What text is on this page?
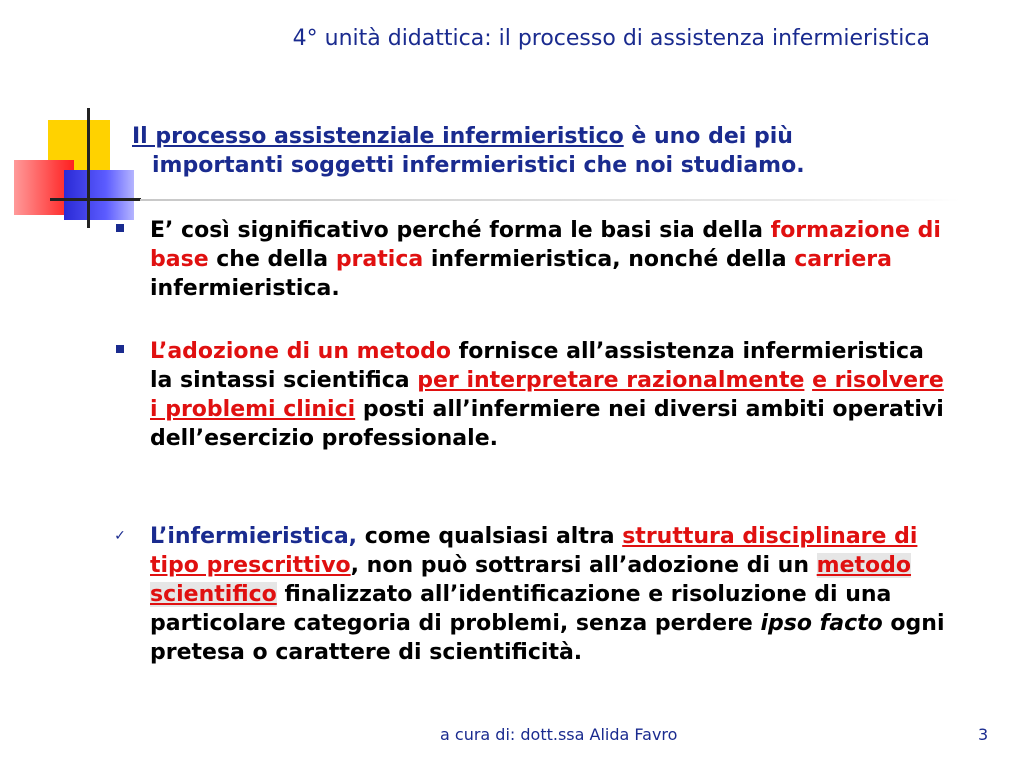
4° unità didattica: il processo di assistenza infermieristica
Il processo assistenziale infermieristico è uno dei più
importanti soggetti infermieristici che noi studiamo.
E’ così significativo perché forma le basi sia della formazione di base che della pratica infermieristica, nonché della carriera infermieristica.
L’adozione di un metodo fornisce all’assistenza infermieristica la sintassi scientifica per interpretare razionalmente e risolvere i problemi clinici posti all’infermiere nei diversi ambiti operativi dell’esercizio professionale.
✓ L’infermieristica, come qualsiasi altra struttura disciplinare di tipo prescrittivo, non può sottrarsi all’adozione di un metodo scientifico finalizzato all’identificazione e risoluzione di una particolare categoria di problemi, senza perdere ipso facto ogni pretesa o carattere di scientificità.
a cura di: dott.ssa Alida Favro	3
